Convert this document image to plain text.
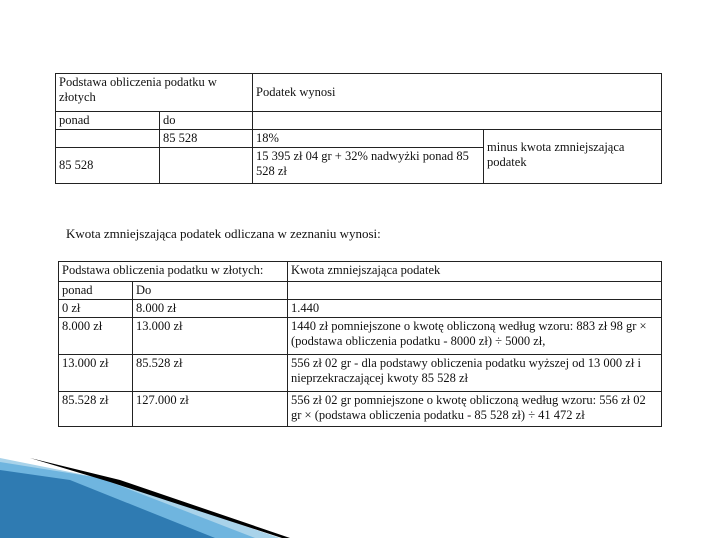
Podstawa obliczenia podatku w złotych		Podatek wynosi	
ponad	do		
	85 528	18%	minus kwota zmniejszająca podatek
85 528		15 395 zł 04 gr + 32% nadwyżki ponad 85 528 zł	
Kwota zmniejszająca podatek odliczana w zeznaniu wynosi:
Podstawa obliczenia podatku w złotych:		Kwota zmniejszająca podatek
ponad	Do	
0 zł	8.000 zł	1.440
8.000 zł	13.000 zł	1440 zł pomniejszone o kwotę obliczoną według wzoru: 883 zł 98 gr × (podstawa obliczenia podatku - 8000 zł) ÷ 5000 zł,
13.000 zł	85.528 zł	556 zł 02 gr - dla podstawy obliczenia podatku wyższej od 13 000 zł i nieprzekraczającej kwoty 85 528 zł
85.528 zł	127.000 zł	556 zł 02 gr pomniejszone o kwotę obliczoną według wzoru: 556 zł 02 gr × (podstawa obliczenia podatku - 85 528 zł) ÷ 41 472 zł
